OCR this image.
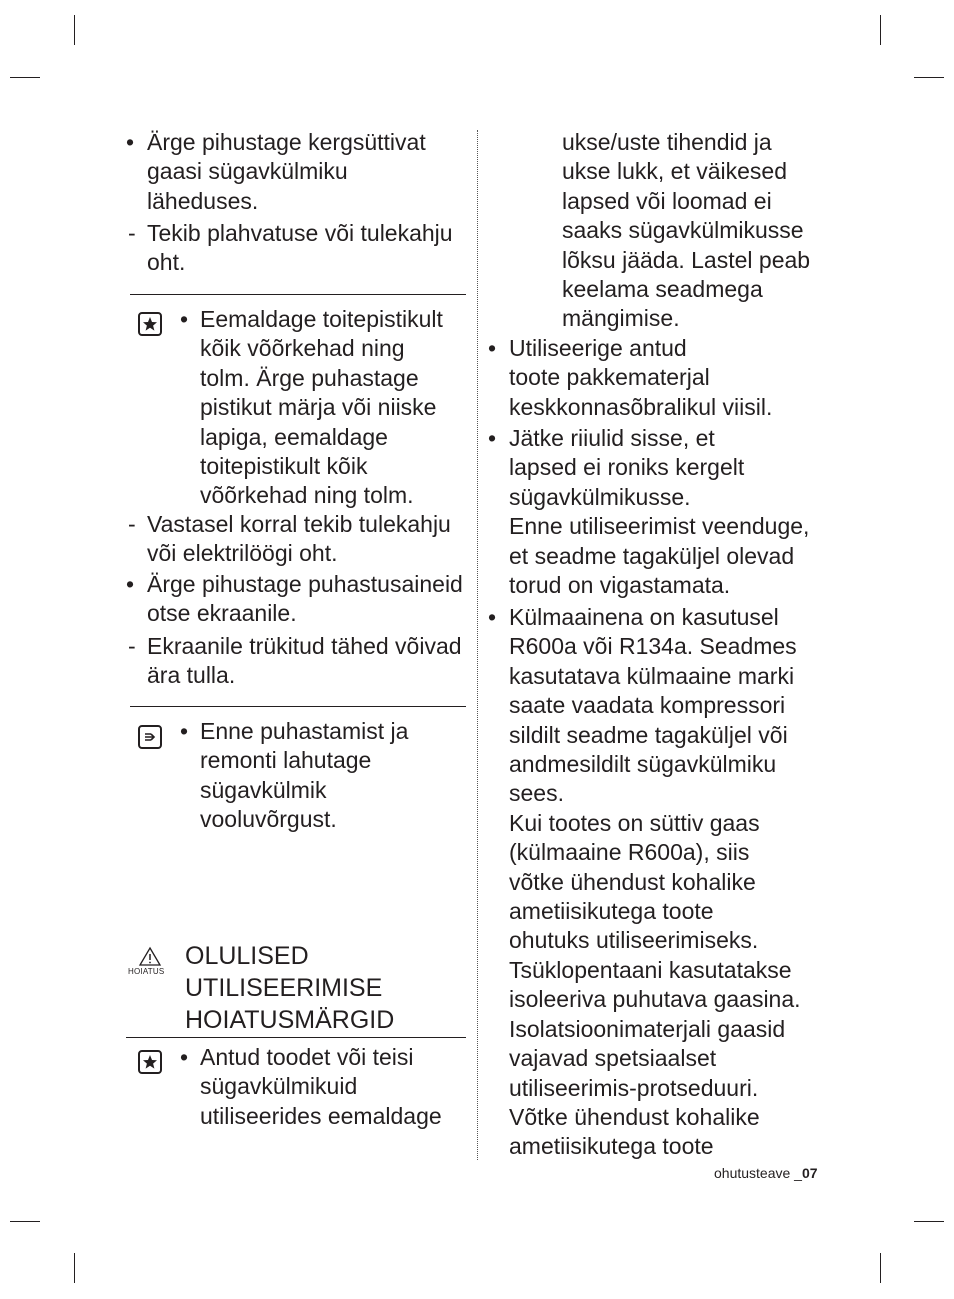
• Ärge pihustage kergsüttivat
gaasi sügavkülmiku
läheduses.
- Tekib plahvatuse või tulekahju
oht.
• Eemaldage toitepistikult
kõik võõrkehad ning
tolm. Ärge puhastage
pistikut märja või niiske
lapiga, eemaldage
toitepistikult kõik
võõrkehad ning tolm.
- Vastasel korral tekib tulekahju
või elektrilöögi oht.
• Ärge pihustage puhastusaineid
otse ekraanile.
- Ekraanile trükitud tähed võivad
ära tulla.
• Enne puhastamist ja
remonti lahutage
sügavkülmik
vooluvõrgust.
HOIATUS
OLULISED
UTILISEERIMISE
HOIATUSMÄRGID
• Antud toodet või teisi
sügavkülmikuid
utiliseerides eemaldage
ukse/uste tihendid ja
ukse lukk, et väikesed
lapsed või loomad ei
saaks sügavkülmikusse
lõksu jääda. Lastel peab
keelama seadmega
mängimise.
• Utiliseerige antud
toote pakkematerjal
keskkonnasõbralikul viisil.
• Jätke riiulid sisse, et
lapsed ei roniks kergelt
sügavkülmikusse.
Enne utiliseerimist veenduge,
et seadme tagaküljel olevad
torud on vigastamata.
• Külmaainena on kasutusel
R600a või R134a. Seadmes
kasutatava külmaaine marki
saate vaadata kompressori
sildilt seadme tagaküljel või
andmesildilt sügavkülmiku
sees.
Kui tootes on süttiv gaas
(külmaaine R600a), siis
võtke ühendust kohalike
ametiisikutega toote
ohutuks utiliseerimiseks.
Tsüklopentaani kasutatakse
isoleeriva puhutava gaasina.
Isolatsioonimaterjali gaasid
vajavad spetsiaalset
utiliseerimis-protseduuri.
Võtke ühendust kohalike
ametiisikutega toote
ohutusteave _07
